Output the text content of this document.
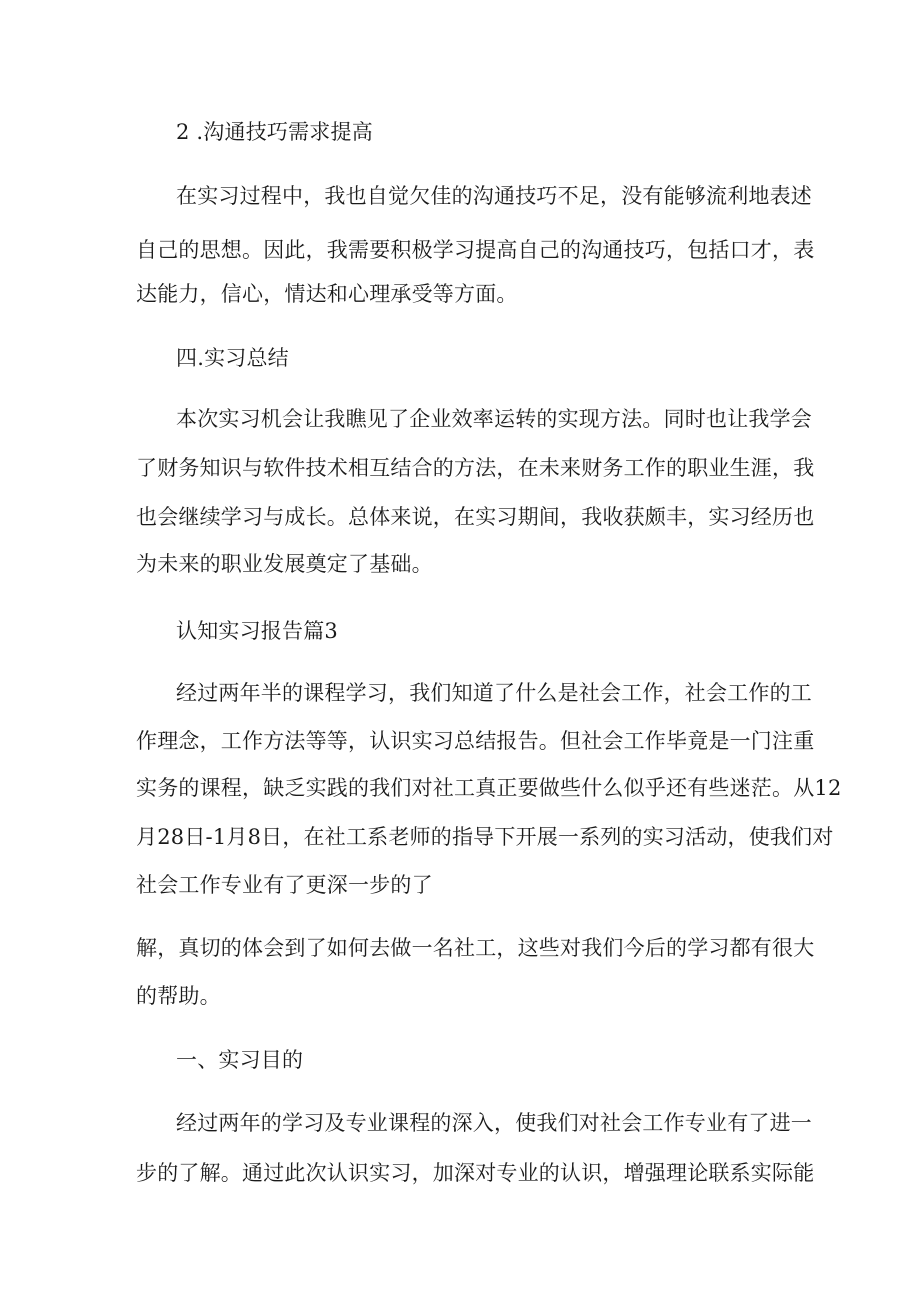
2 .沟通技巧需求提高
在实习过程中，我也自觉欠佳的沟通技巧不足，没有能够流利地表述
自己的思想。因此，我需要积极学习提高自己的沟通技巧，包括口才，表
达能力，信心，情达和心理承受等方面。
四.实习总结
本次实习机会让我瞧见了企业效率运转的实现方法。同时也让我学会
了财务知识与软件技术相互结合的方法，在未来财务工作的职业生涯，我
也会继续学习与成长。总体来说，在实习期间，我收获颇丰，实习经历也
为未来的职业发展奠定了基础。
认知实习报告篇3
经过两年半的课程学习，我们知道了什么是社会工作，社会工作的工
作理念，工作方法等等，认识实习总结报告。但社会工作毕竟是一门注重
实务的课程，缺乏实践的我们对社工真正要做些什么似乎还有些迷茫。从12
月28日-1月8日，在社工系老师的指导下开展一系列的实习活动，使我们对
社会工作专业有了更深一步的了
解，真切的体会到了如何去做一名社工，这些对我们今后的学习都有很大
的帮助。
一、实习目的
经过两年的学习及专业课程的深入，使我们对社会工作专业有了进一
步的了解。通过此次认识实习，加深对专业的认识，增强理论联系实际能
